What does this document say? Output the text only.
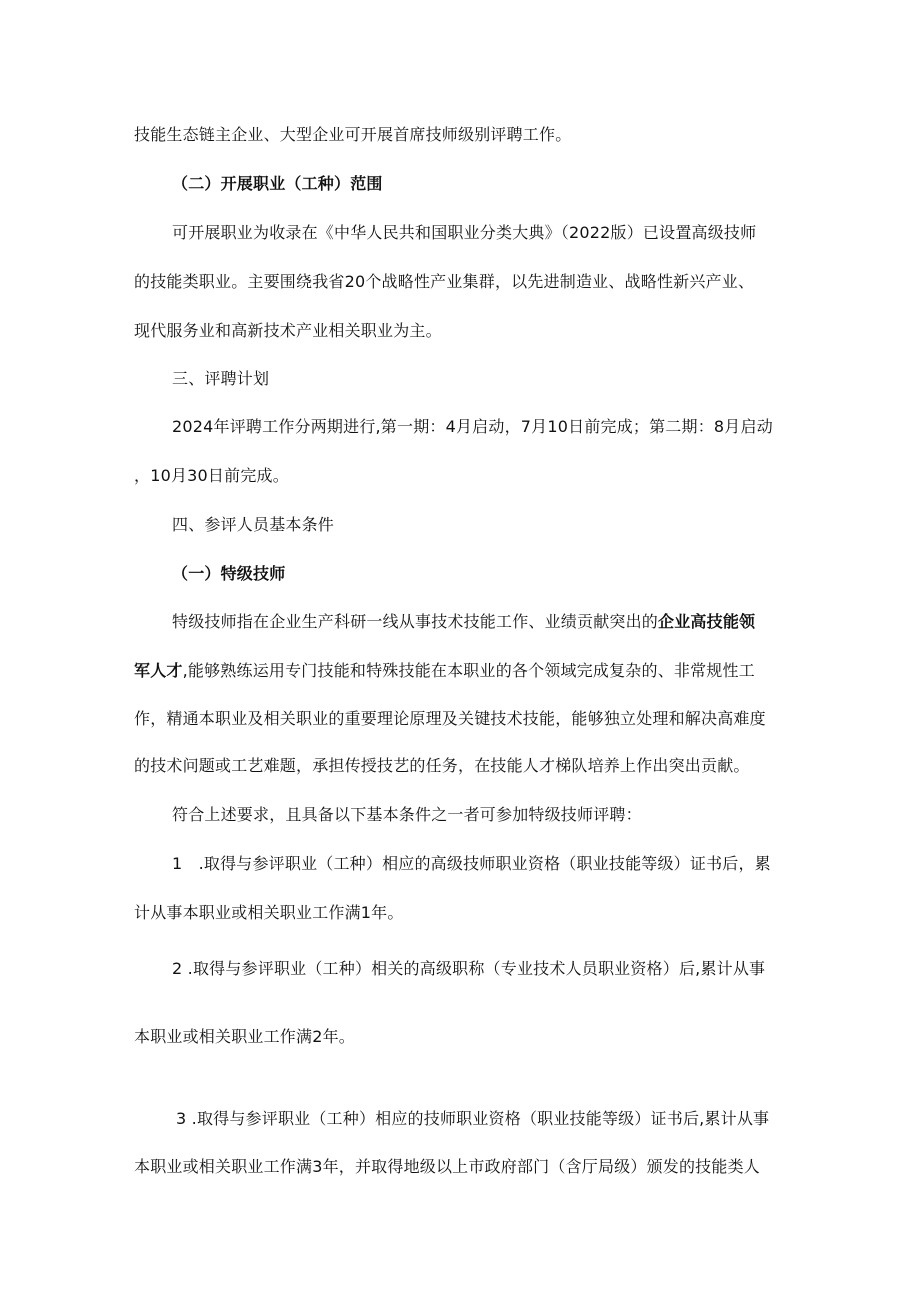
技能生态链主企业、大型企业可开展首席技师级别评聘工作。

（二）开展职业（工种）范围

可开展职业为收录在《中华人民共和国职业分类大典》（2022版）已设置高级技师

的技能类职业。主要围绕我省20个战略性产业集群，以先进制造业、战略性新兴产业、

现代服务业和高新技术产业相关职业为主。

三、评聘计划

2024年评聘工作分两期进行,第一期：4月启动，7月10日前完成；第二期：8月启动

，10月30日前完成。

四、参评人员基本条件

（一）特级技师

特级技师指在企业生产科研一线从事技术技能工作、业绩贡献突出的企业高技能领

军人才,能够熟练运用专门技能和特殊技能在本职业的各个领域完成复杂的、非常规性工

作，精通本职业及相关职业的重要理论原理及关键技术技能，能够独立处理和解决高难度

的技术问题或工艺难题，承担传授技艺的任务，在技能人才梯队培养上作出突出贡献。

符合上述要求，且具备以下基本条件之一者可参加特级技师评聘：

1　.取得与参评职业（工种）相应的高级技师职业资格（职业技能等级）证书后，累

计从事本职业或相关职业工作满1年。

2 .取得与参评职业（工种）相关的高级职称（专业技术人员职业资格）后,累计从事

本职业或相关职业工作满2年。

3 .取得与参评职业（工种）相应的技师职业资格（职业技能等级）证书后,累计从事

本职业或相关职业工作满3年，并取得地级以上市政府部门（含厅局级）颁发的技能类人
